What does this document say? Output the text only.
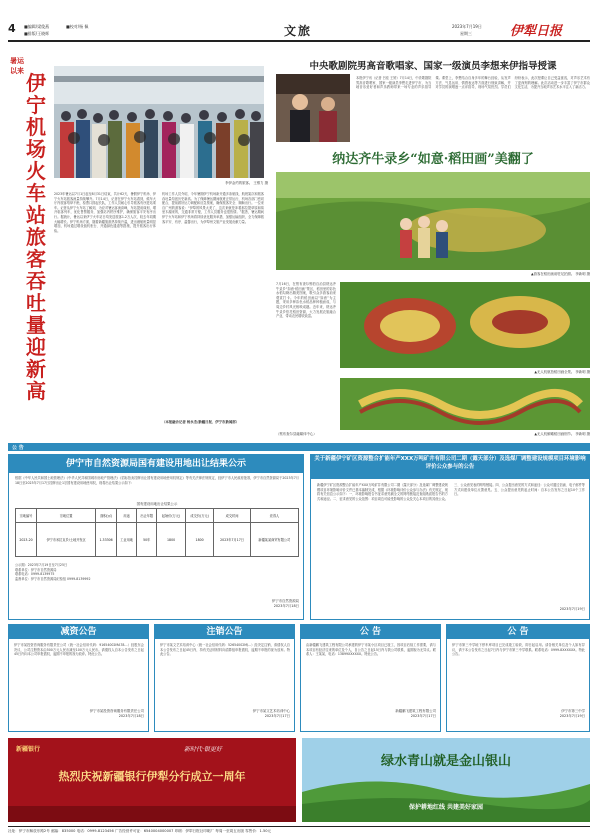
4 ■编辑/梁俊燕	■校对/杨 佩
■排版/王晓辉	文旅	2023年7月19日
星期三	伊犁日报
暑运
以来 伊宁机场火车站旅客吞吐量迎新高
李伊金约的旅客。 王维力 摄
2023年暑运以7月1日起至8月31日结束，共计62天，暑假伊宁机场、伊宁火车站旅客流量持续攀升。7月14日，记者在伊宁火车站看到，候车大厅内旅客络绎不绝，检票口排起长队，工作人员耐心引导旅客有序进站乘车。记者从伊宁火车站了解到，为应对暑运客流高峰，车站提前谋划，增开临客列车，优化售票服务，加强站内秩序维护，确保旅客平安有序出行。据统计，暑运以来伊宁火车站日均发送旅客1.2万人次，较去年同期大幅增长。伊宁机场方面，随着新疆旅游热持续升温，进出港航班量明显增加，机场通过增设值机柜台、开通绿色通道等措施，提升旅客出行体验。
机场工作人员介绍，今年暑期伊宁机场新开通多条航线，航班架次和旅客吞吐量均创历史新高。为了保障暑运期间航班正常运行，机场各部门密切配合，提前做好运力调配和应急预案，确保旅客安全、顺畅出行。一位来自广州的游客说：“伊犁的风景太美了，这次来就是冲着那拉提草原和赛里木湖来的，交通非常方便，工作人员服务也很热情。”据悉，暑运期间伊宁火车站和伊宁机场将持续优化服务举措，加强运输组织，全力保障旅客平安、有序、温馨出行，为伊犁州文旅产业发展贡献力量。
（本报融合记者 杨永杰/新疆日报、伊宁市新闻部）
中央歌剧院男高音歌唱家、国家一级演员李想来伊指导授课
本报伊宁讯（记者 吕佳 王婷）7月14日，中央歌剧院男高音歌唱家、国家一级演员李想走进伊宁市，为当地音乐爱好者和声乐教师带来一场专业的声乐指导课。课堂上，李想结合自身多年的舞台经验，从发声方法、气息运用、情感表达等方面进行细致讲解，并对学员的演唱逐一点评指导，现场气氛热烈。学员们纷纷表示，此次授课让自己受益匪浅，对声乐艺术有了更深刻的理解。此次活动进一步丰富了伊宁市群众文化生活，为提升当地声乐艺术水平注入了新活力。
纳达齐牛录乡“如意·稻田画”美翻了
▲游客在稻田画前驻足拍照。 李新明 摄
7月16日，在察布查尔锡伯自治县纳达齐牛录乡“如意·稻田画”景区，稻田里的彩色水稻勾勒出精美图案，吸引众多游客前来观赏打卡。今年的稻田画以“如意”为主题，采用多种彩色水稻品种种植而成，与周边乡村风光相映成趣。近年来，纳达齐牛录乡依托稻田资源，大力发展农旅融合产业，带动农民增收致富。
（察布查尔县融媒体中心）
▲无人机航拍稻田画全景。 李新明 摄
▲无人机俯瞰稻田画细节。 李新明 摄
公 告
伊宁市自然资源局国有建设用地出让结果公示
根据《中华人民共和国土地管理法》《中华人民共和国城市房地产管理法》《招标拍卖挂牌出让国有建设用地使用权规定》等有关法律法规规定，经伊宁市人民政府批准，伊宁市自然资源局于2023年7月18日至2023年7月17日挂牌出让1宗国有建设用地使用权，现将出让结果公示如下：
国有建设用地出让结果公示
宗地编号	宗地位置	面积(㎡)	用途	出让年限	起始价(万元)	成交价(万元)	成交时间	竞得人
2023-20	伊宁市米拉克乡/土地开发区	1.33306	工业用地	50年	1800	1800	2023年7月17日	新疆某某商贸有限公司
公示期：2023年7月19日至7月25日
联系单位：伊宁市自然资源局
联系电话：0999-8139975
监督单位：伊宁市自然资源局纪检组 0999-8139992
伊宁市自然资源局
2023年7月18日
关于新疆伊宁矿区资源整合扩能年产XXX万吨矿井有限公司二期（露天部分）及选煤厂调整建设规模项目环境影响评价公众参与的公告
新疆伊宁矿区资源整合扩能年产XXX万吨矿井有限公司二期（露天部分）及选煤厂调整建设规模项目环境影响评价文件已基本编制完成，根据《环境影响评价公众参与办法》有关规定，现将有关信息公示如下：一、环境影响报告书征求意见稿全文的网络链接及查阅纸质报告书的方式和途径。二、征求意见的公众范围：项目周边可能受影响的公众及关心本项目的其他公众。三、公众意见表的网络链接。四、公众提出意见的方式和途径：公众可通过信函、电子邮件等方式向建设单位反馈意见。五、公众提出意见的起止时间：自本公告发布之日起10个工作日。
2023年7月19日
减资公告
伊宁市某投资咨询服务有限责任公司（统一社会信用代码：91654002MA78…）经股东会决议，公司注册资本由500万元人民币减至100万元人民币。请债权人自本公告发布之日起45日内向本公司申报债权，逾期不申报的视为放弃。特此公告。
伊宁市某投资咨询服务有限责任公司
2023年7月18日
注销公告
伊宁市某文艺术培训中心（统一社会信用代码：52654002MJ…）经决定注销，请债权人自本公告发布之日起45日内，持有关证明材料向清算组申报债权，逾期不申报的视为放弃。特此公告。
伊宁市某文艺术培训中心
2023年7月17日
公 告
由新疆鹏飞建筑工程有限公司承建的伊宁市某小区项目已竣工，因项目后续工作需要，请与本项目有经济往来的单位及个人，自公告之日起15日内与我公司联系，逾期视为无异议。联系人：王某某，电话：13899XXXXXX。特此公告。
新疆鹏飞建筑工程有限公司
2023年7月17日
公 告
伊宁市第三中学地下停车库项目已完成竣工验收，即日起启用。请各相关单位及个人如有异议，请于本公告发布之日起7日内与伊宁市第三中学联系。联系电话：0999-8XXXXXX。特此公告。
伊宁市第三中学
2023年7月19日
新疆银行	新时代·银更好
热烈庆祝新疆银行伊犁分行成立一周年
绿水青山就是金山银山
保护耕地红线 共建美好家园
社址：伊宁市解放东路2号 邮编：835000 电话：0999-8123456 广告经营许可证：6540004000007 印刷：伊犁日报社印刷厂 每周一至周五出版 零售价：1.50元
